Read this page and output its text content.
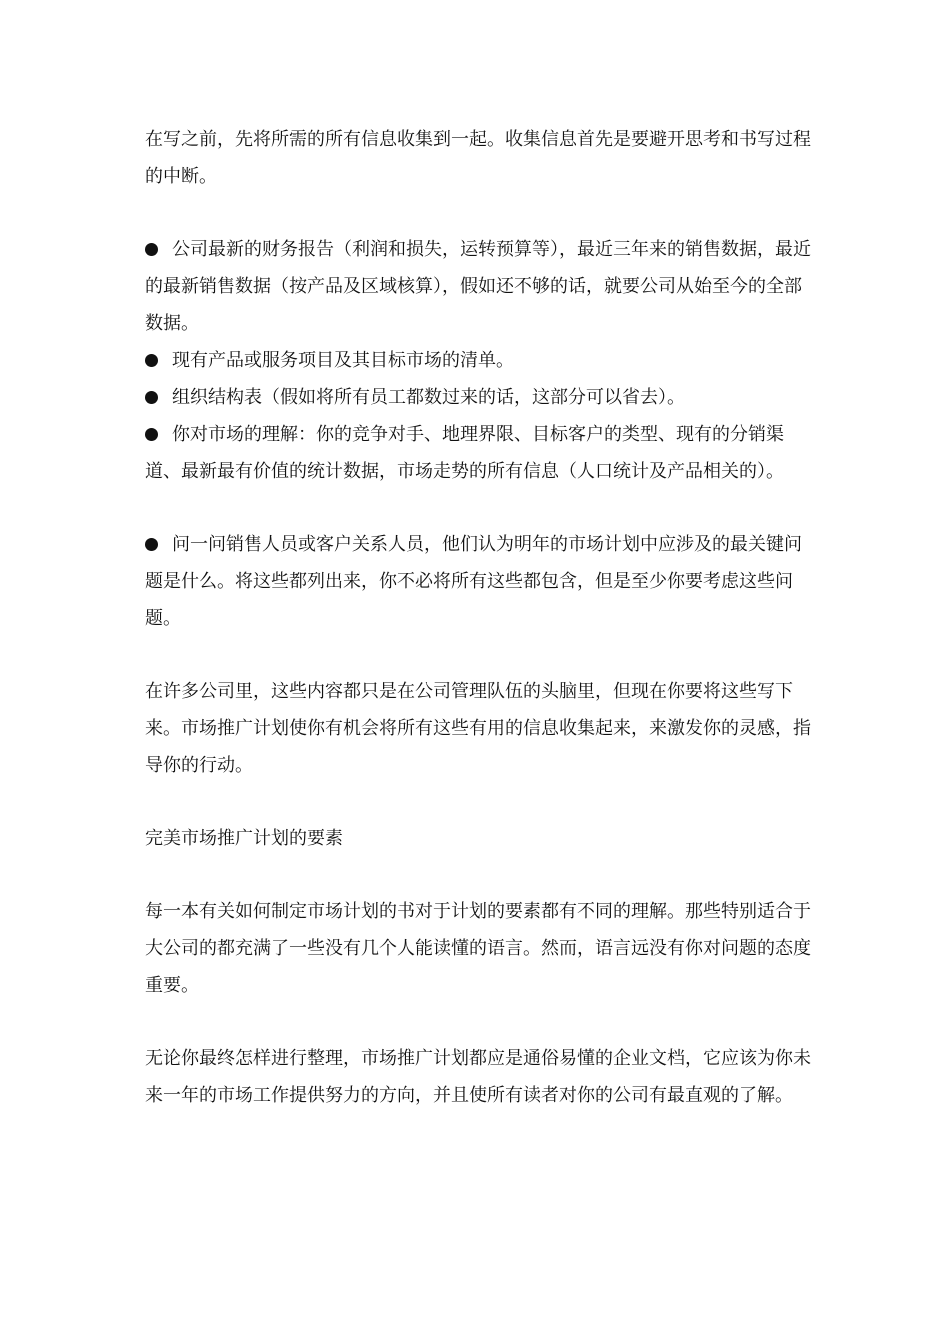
在写之前，先将所需的所有信息收集到一起。收集信息首先是要避开思考和书写过程的中断。

公司最新的财务报告（利润和损失，运转预算等），最近三年来的销售数据，最近的最新销售数据（按产品及区域核算），假如还不够的话，就要公司从始至今的全部数据。

现有产品或服务项目及其目标市场的清单。

组织结构表（假如将所有员工都数过来的话，这部分可以省去）。

你对市场的理解：你的竞争对手、地理界限、目标客户的类型、现有的分销渠道、最新最有价值的统计数据，市场走势的所有信息（人口统计及产品相关的）。

问一问销售人员或客户关系人员，他们认为明年的市场计划中应涉及的最关键问题是什么。将这些都列出来，你不必将所有这些都包含，但是至少你要考虑这些问题。

在许多公司里，这些内容都只是在公司管理队伍的头脑里，但现在你要将这些写下来。市场推广计划使你有机会将所有这些有用的信息收集起来，来激发你的灵感，指导你的行动。

完美市场推广计划的要素

每一本有关如何制定市场计划的书对于计划的要素都有不同的理解。那些特别适合于大公司的都充满了一些没有几个人能读懂的语言。然而，语言远没有你对问题的态度重要。

无论你最终怎样进行整理，市场推广计划都应是通俗易懂的企业文档，它应该为你未来一年的市场工作提供努力的方向，并且使所有读者对你的公司有最直观的了解。
